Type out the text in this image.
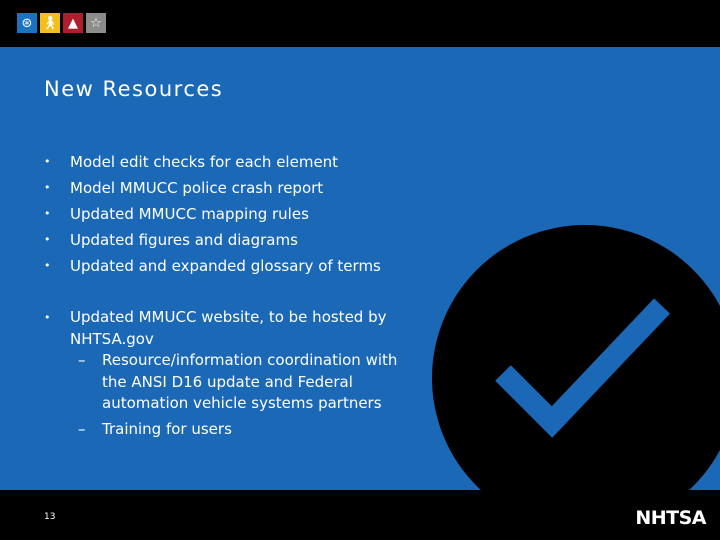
⊛ 🚶︎ ▲ ☆
New Resources
•	Model edit checks for each element
•	Model MMUCC police crash report
•	Updated MMUCC mapping rules
•	Updated figures and diagrams
•	Updated and expanded glossary of terms
•	Updated MMUCC website, to be hosted by NHTSA.gov
–	Resource/information coordination with the ANSI D16 update and Federal automation vehicle systems partners
–	Training for users
13	NHTSA
